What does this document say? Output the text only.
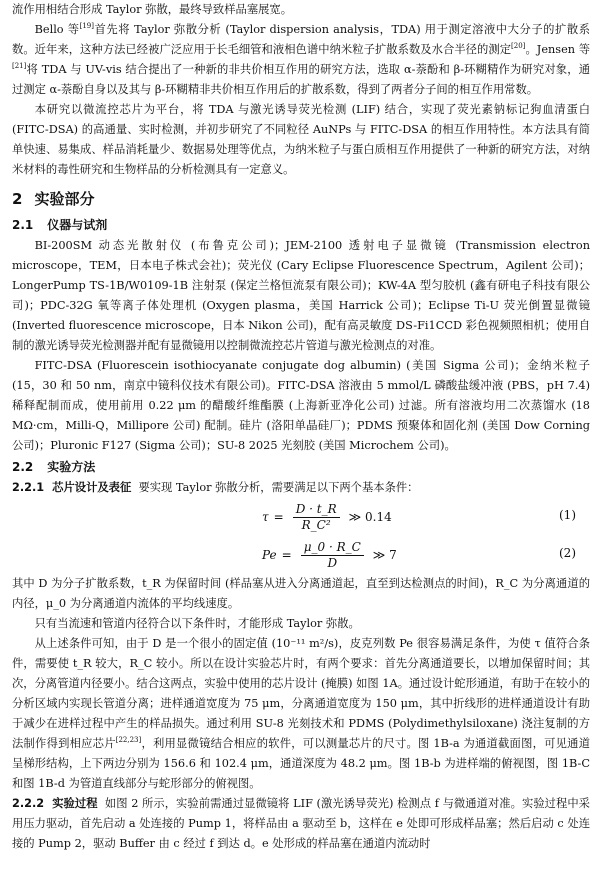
流作用相结合形成 Taylor 弥散，最终导致样品塞展宽。

Bello 等[19]首先将 Taylor 弥散分析 (Taylor dispersion analysis，TDA) 用于测定溶液中大分子的扩散系数。近年来，这种方法已经被广泛应用于长毛细管和液相色谱中纳米粒子扩散系数及水合半径的测定[20]。Jensen 等[21]将 TDA 与 UV-vis 结合提出了一种新的非共价相互作用的研究方法，选取 α-萘酚和 β-环糊精作为研究对象，通过测定 α-萘酚自身以及其与 β-环糊精非共价相互作用后的扩散系数，得到了两者分子间的相互作用常数。

本研究以微流控芯片为平台，将 TDA 与激光诱导荧光检测 (LIF) 结合，实现了荧光素钠标记狗血清蛋白 (FITC-DSA) 的高通量、实时检测，并初步研究了不同粒径 AuNPs 与 FITC-DSA 的相互作用特性。本方法具有简单快速、易集成、样品消耗量少、数据易处理等优点，为纳米粒子与蛋白质相互作用提供了一种新的研究方法，对纳米材料的毒性研究和生物样品的分析检测具有一定意义。

2 实验部分
2.1 仪器与试剂

BI-200SM 动态光散射仪 (布鲁克公司)；JEM-2100 透射电子显微镜 (Transmission electron microscope，TEM，日本电子株式会社)；荧光仪 (Cary Eclipse Fluorescence Spectrum，Agilent 公司)；LongerPump TS-1B/W0109-1B 注射泵 (保定兰格恒流泵有限公司)；KW-4A 型匀胶机 (鑫有研电子科技有限公司)；PDC-32G 氧等离子体处理机 (Oxygen plasma，美国 Harrick 公司)；Eclipse Ti-U 荧光倒置显微镜 (Inverted fluorescence microscope，日本 Nikon 公司)，配有高灵敏度 DS-Fi1CCD 彩色视频照相机；使用自制的激光诱导荧光检测器并配有显微镜用以控制微流控芯片管道与激光检测点的对准。

FITC-DSA (Fluorescein isothiocyanate conjugate dog albumin) (美国 Sigma 公司)；金纳米粒子 (15，30 和 50 nm，南京中镜科仪技术有限公司)。FITC-DSA 溶液由 5 mmol/L 磷酸盐缓冲液 (PBS，pH 7.4) 稀释配制而成，使用前用 0.22 μm 的醋酸纤维酯膜 (上海新亚净化公司) 过滤。所有溶液均用二次蒸馏水 (18 MΩ·cm，Milli-Q，Millipore 公司) 配制。硅片 (洛阳单晶硅厂)；PDMS 预聚体和固化剂 (美国 Dow Corning 公司)；Pluronic F127 (Sigma 公司)；SU-8 2025 光刻胶 (美国 Microchem 公司)。

2.2 实验方法

2.2.1 芯片设计及表征 要实现 Taylor 弥散分析，需要满足以下两个基本条件：

$\tau = \frac{D \cdot t\_R}{\text{R\_C²}}$ ≫ 0.14	(1)
$Pe = \frac{\mu\_0 \cdot R\_C}{D}$ ≫ 7	(2)

其中 D 为分子扩散系数，t_R 为保留时间 (样品塞从进入分离通道起，直至到达检测点的时间)，R_C 为分离通道的内径，μ_0 为分离通道内流体的平均线速度。

只有当流速和管道内径符合以下条件时，才能形成 Taylor 弥散。

从上述条件可知，由于 D 是一个很小的固定值 (10⁻¹¹ m²/s)，皮克列数 Pe 很容易满足条件，为使 τ 值符合条件，需要使 t_R 较大，R_C 较小。所以在设计实验芯片时，有两个要求：首先分离通道要长，以增加保留时间；其次，分离管道内径要小。结合这两点，实验中使用的芯片设计 (掩膜) 如图 1A。通过设计蛇形通道，有助于在较小的分析区域内实现长管道分离；进样通道宽度为 75 μm，分离通道宽度为 150 μm，其中折线形的进样通道设计有助于减少在进样过程中产生的样品损失。通过利用 SU-8 光刻技术和 PDMS (Polydimethylsiloxane) 浇注复制的方法制作得到相应芯片[22,23]，利用显微镜结合相应的软件，可以测量芯片的尺寸。图 1B-a 为通道截面图，可见通道呈梯形结构，上下两边分别为 156.6 和 102.4 μm，通道深度为 48.2 μm。图 1B-b 为进样端的俯视图，图 1B-C 和图 1B-d 为管道直线部分与蛇形部分的俯视图。

2.2.2 实验过程 如图 2 所示，实验前需通过显微镜将 LIF (激光诱导荧光) 检测点 f 与微通道对准。实验过程中采用压力驱动，首先启动 a 处连接的 Pump 1，将样品由 a 驱动至 b，这样在 e 处即可形成样品塞；然后启动 c 处连接的 Pump 2，驱动 Buffer 由 c 经过 f 到达 d。e 处形成的样品塞在通道内流动时
